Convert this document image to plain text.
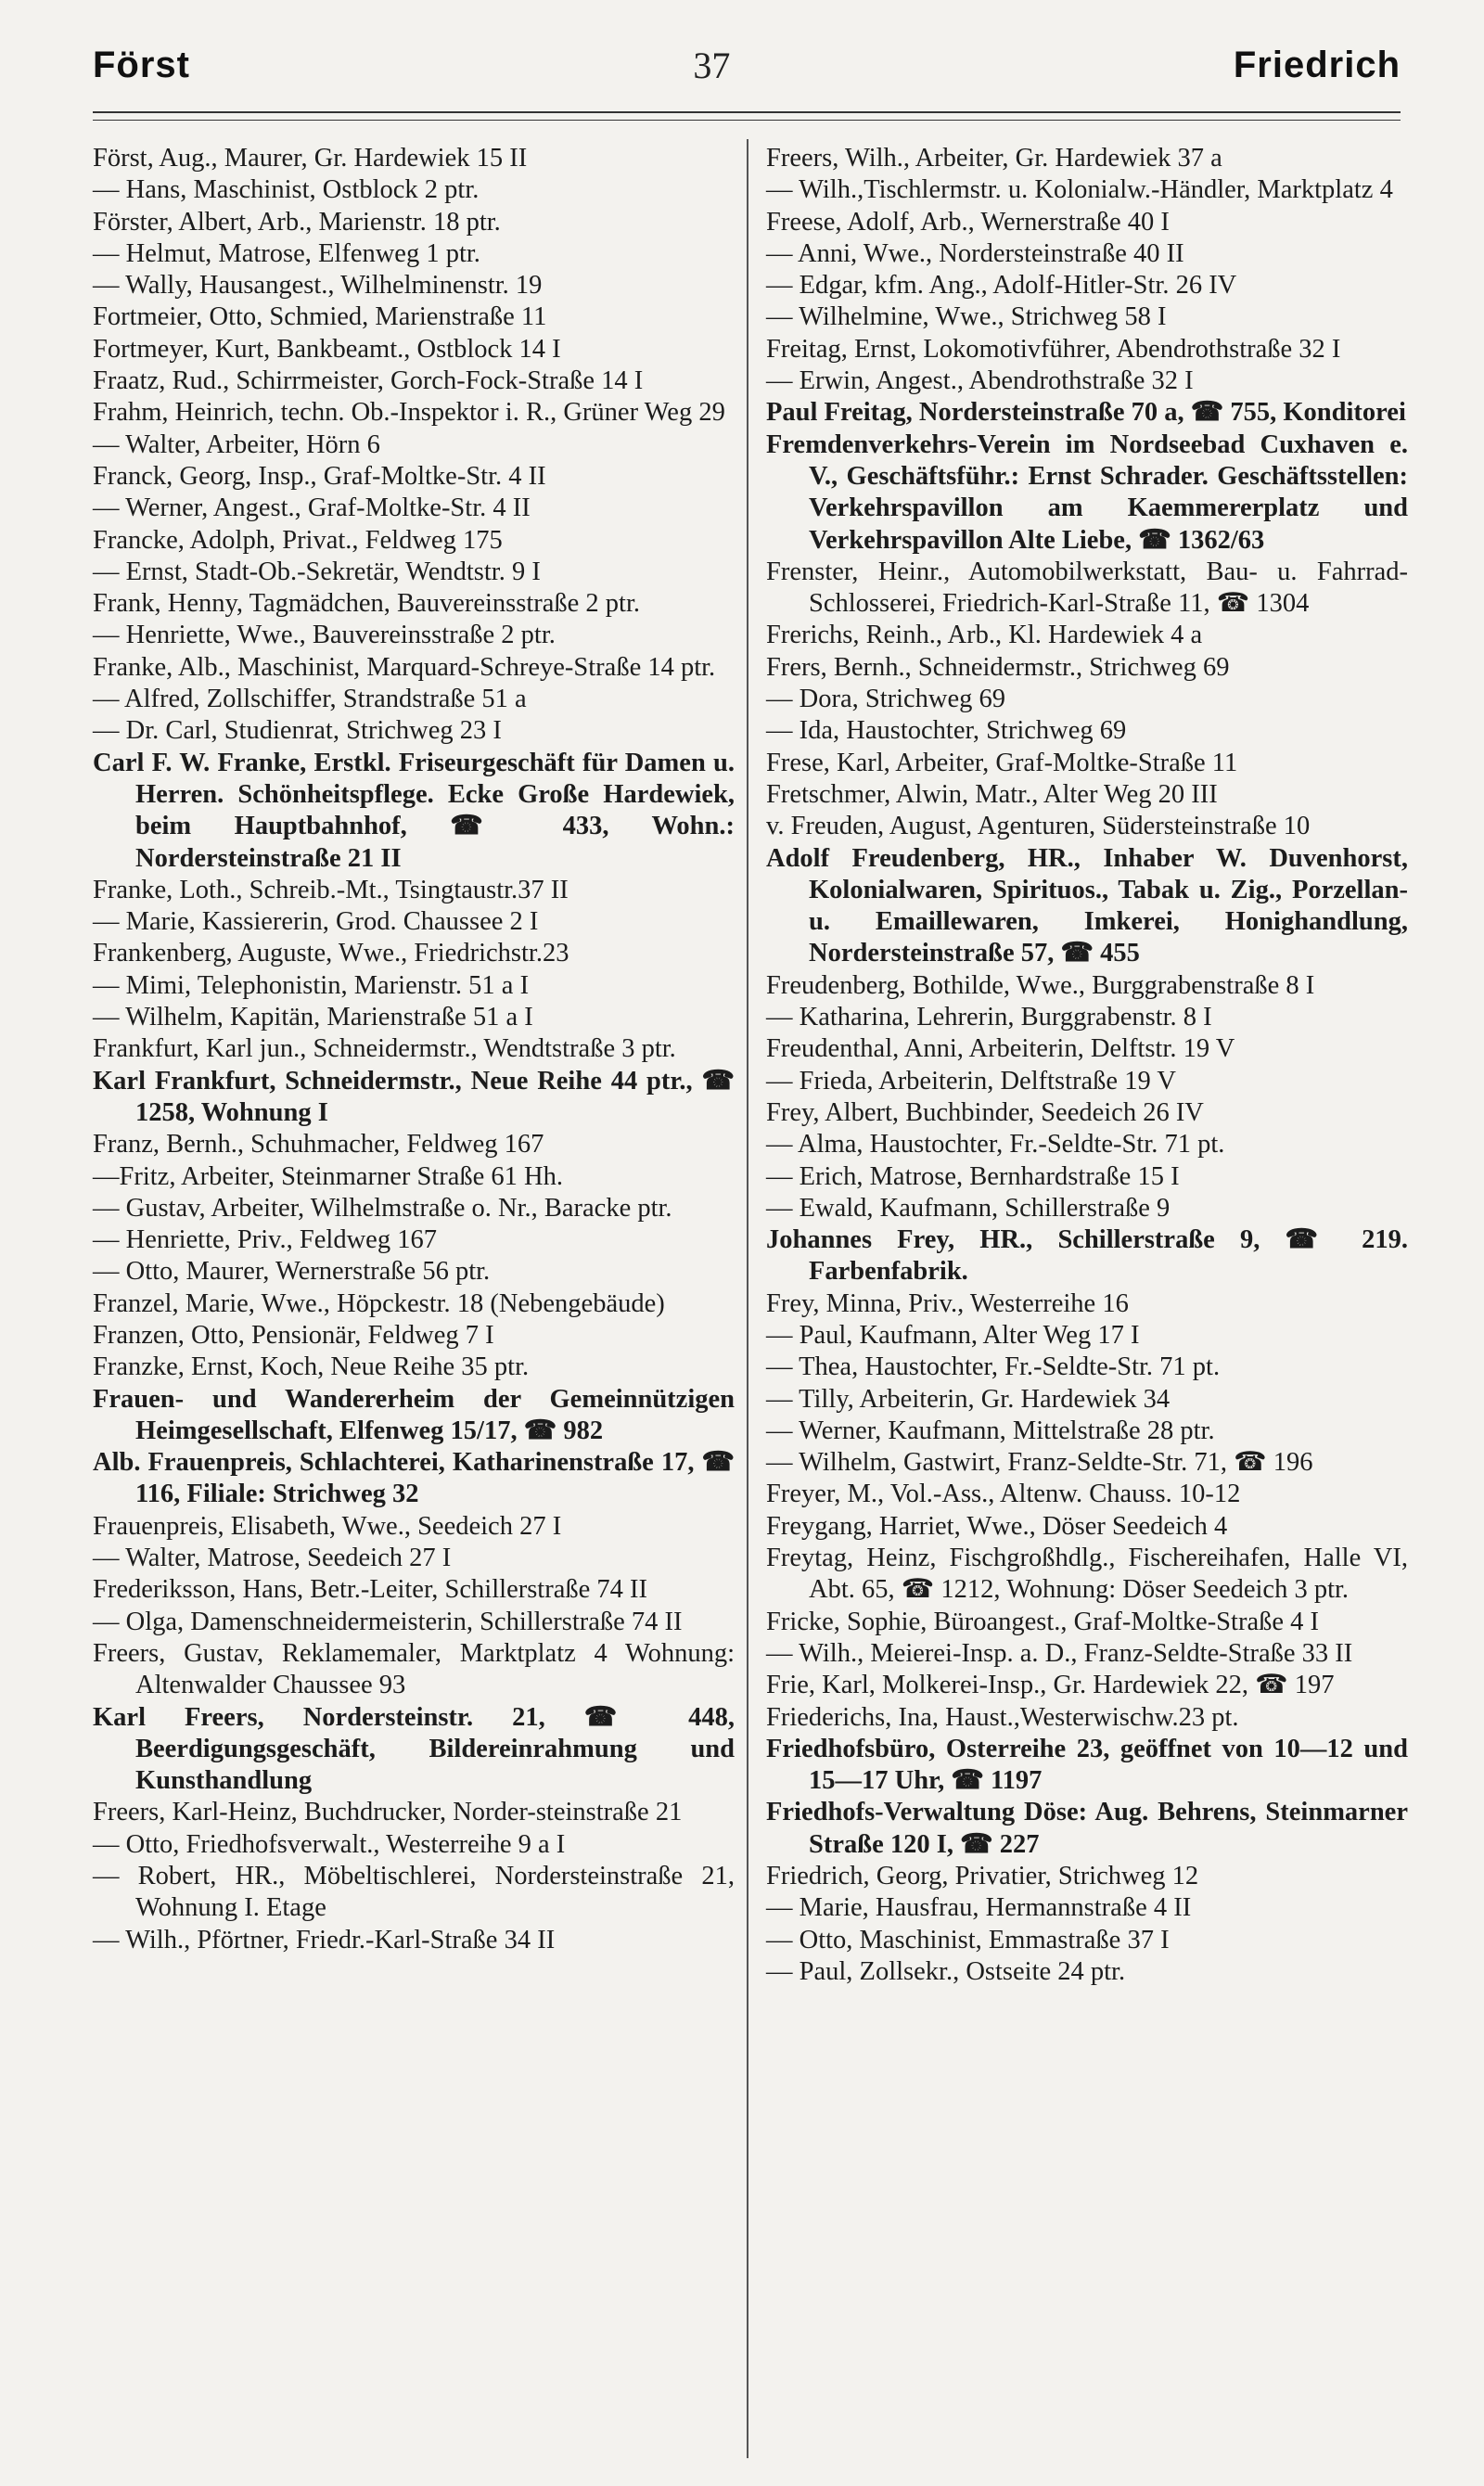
Först	37	Friedrich

Först, Aug., Maurer, Gr. Hardewiek 15 II

— Hans, Maschinist, Ostblock 2 ptr.

Förster, Albert, Arb., Marienstr. 18 ptr.

— Helmut, Matrose, Elfenweg 1 ptr.

— Wally, Hausangest., Wilhelminenstr. 19

Fortmeier, Otto, Schmied, Marienstraße 11

Fortmeyer, Kurt, Bankbeamt., Ostblock 14 I

Fraatz, Rud., Schirrmeister, Gorch-Fock-Straße 14 I

Frahm, Heinrich, techn. Ob.-Inspektor i. R., Grüner Weg 29

— Walter, Arbeiter, Hörn 6

Franck, Georg, Insp., Graf-Moltke-Str. 4 II

— Werner, Angest., Graf-Moltke-Str. 4 II

Francke, Adolph, Privat., Feldweg 175

— Ernst, Stadt-Ob.-Sekretär, Wendtstr. 9 I

Frank, Henny, Tagmädchen, Bauvereinsstraße 2 ptr.

— Henriette, Wwe., Bauvereinsstraße 2 ptr.

Franke, Alb., Maschinist, Marquard-Schreye-Straße 14 ptr.

— Alfred, Zollschiffer, Strandstraße 51 a

— Dr. Carl, Studienrat, Strichweg 23 I

Carl F. W. Franke, Erstkl. Friseurgeschäft für Damen u. Herren. Schönheitspflege. Ecke Große Hardewiek, beim Hauptbahnhof, ☎ 433, Wohn.: Nordersteinstraße 21 II

Franke, Loth., Schreib.-Mt., Tsingtaustr.37 II

— Marie, Kassiererin, Grod. Chaussee 2 I

Frankenberg, Auguste, Wwe., Friedrichstr.23

— Mimi, Telephonistin, Marienstr. 51 a I

— Wilhelm, Kapitän, Marienstraße 51 a I

Frankfurt, Karl jun., Schneidermstr., Wendtstraße 3 ptr.

Karl Frankfurt, Schneidermstr., Neue Reihe 44 ptr., ☎ 1258, Wohnung I

Franz, Bernh., Schuhmacher, Feldweg 167

—Fritz, Arbeiter, Steinmarner Straße 61 Hh.

— Gustav, Arbeiter, Wilhelmstraße o. Nr., Baracke ptr.

— Henriette, Priv., Feldweg 167

— Otto, Maurer, Wernerstraße 56 ptr.

Franzel, Marie, Wwe., Höpckestr. 18 (Nebengebäude)

Franzen, Otto, Pensionär, Feldweg 7 I

Franzke, Ernst, Koch, Neue Reihe 35 ptr.

Frauen- und Wandererheim der Gemeinnützigen Heimgesellschaft, Elfenweg 15/17, ☎ 982

Alb. Frauenpreis, Schlachterei, Katharinenstraße 17, ☎ 116, Filiale: Strichweg 32

Frauenpreis, Elisabeth, Wwe., Seedeich 27 I

— Walter, Matrose, Seedeich 27 I

Frederiksson, Hans, Betr.-Leiter, Schillerstraße 74 II

— Olga, Damenschneidermeisterin, Schillerstraße 74 II

Freers, Gustav, Reklamemaler, Marktplatz 4 Wohnung: Altenwalder Chaussee 93

Karl Freers, Nordersteinstr. 21, ☎ 448, Beerdigungsgeschäft, Bildereinrahmung und Kunsthandlung

Freers, Karl-Heinz, Buchdrucker, Norder-steinstraße 21

— Otto, Friedhofsverwalt., Westerreihe 9 a I

— Robert, HR., Möbeltischlerei, Nordersteinstraße 21, Wohnung I. Etage

— Wilh., Pförtner, Friedr.-Karl-Straße 34 II

Freers, Wilh., Arbeiter, Gr. Hardewiek 37 a

— Wilh.,Tischlermstr. u. Kolonialw.-Händler, Marktplatz 4

Freese, Adolf, Arb., Wernerstraße 40 I

— Anni, Wwe., Nordersteinstraße 40 II

— Edgar, kfm. Ang., Adolf-Hitler-Str. 26 IV

— Wilhelmine, Wwe., Strichweg 58 I

Freitag, Ernst, Lokomotivführer, Abendrothstraße 32 I

— Erwin, Angest., Abendrothstraße 32 I

Paul Freitag, Nordersteinstraße 70 a, ☎ 755, Konditorei

Fremdenverkehrs-Verein im Nordseebad Cuxhaven e. V., Geschäftsführ.: Ernst Schrader. Geschäftsstellen: Verkehrspavillon am Kaemmererplatz und Verkehrspavillon Alte Liebe, ☎ 1362/63

Frenster, Heinr., Automobilwerkstatt, Bau- u. Fahrrad-Schlosserei, Friedrich-Karl-Straße 11, ☎ 1304

Frerichs, Reinh., Arb., Kl. Hardewiek 4 a

Frers, Bernh., Schneidermstr., Strichweg 69

— Dora, Strichweg 69

— Ida, Haustochter, Strichweg 69

Frese, Karl, Arbeiter, Graf-Moltke-Straße 11

Fretschmer, Alwin, Matr., Alter Weg 20 III

v. Freuden, August, Agenturen, Südersteinstraße 10

Adolf Freudenberg, HR., Inhaber W. Duvenhorst, Kolonialwaren, Spirituos., Tabak u. Zig., Porzellan- u. Emaillewaren, Imkerei, Honighandlung, Nordersteinstraße 57, ☎ 455

Freudenberg, Bothilde, Wwe., Burggrabenstraße 8 I

— Katharina, Lehrerin, Burggrabenstr. 8 I

Freudenthal, Anni, Arbeiterin, Delftstr. 19 V

— Frieda, Arbeiterin, Delftstraße 19 V

Frey, Albert, Buchbinder, Seedeich 26 IV

— Alma, Haustochter, Fr.-Seldte-Str. 71 pt.

— Erich, Matrose, Bernhardstraße 15 I

— Ewald, Kaufmann, Schillerstraße 9

Johannes Frey, HR., Schillerstraße 9, ☎ 219. Farbenfabrik.

Frey, Minna, Priv., Westerreihe 16

— Paul, Kaufmann, Alter Weg 17 I

— Thea, Haustochter, Fr.-Seldte-Str. 71 pt.

— Tilly, Arbeiterin, Gr. Hardewiek 34

— Werner, Kaufmann, Mittelstraße 28 ptr.

— Wilhelm, Gastwirt, Franz-Seldte-Str. 71, ☎ 196

Freyer, M., Vol.-Ass., Altenw. Chauss. 10-12

Freygang, Harriet, Wwe., Döser Seedeich 4

Freytag, Heinz, Fischgroßhdlg., Fischereihafen, Halle VI, Abt. 65, ☎ 1212, Wohnung: Döser Seedeich 3 ptr.

Fricke, Sophie, Büroangest., Graf-Moltke-Straße 4 I

— Wilh., Meierei-Insp. a. D., Franz-Seldte-Straße 33 II

Frie, Karl, Molkerei-Insp., Gr. Hardewiek 22, ☎ 197

Friederichs, Ina, Haust.,Westerwischw.23 pt.

Friedhofsbüro, Osterreihe 23, geöffnet von 10—12 und 15—17 Uhr, ☎ 1197

Friedhofs-Verwaltung Döse: Aug. Behrens, Steinmarner Straße 120 I, ☎ 227

Friedrich, Georg, Privatier, Strichweg 12

— Marie, Hausfrau, Hermannstraße 4 II

— Otto, Maschinist, Emmastraße 37 I

— Paul, Zollsekr., Ostseite 24 ptr.
